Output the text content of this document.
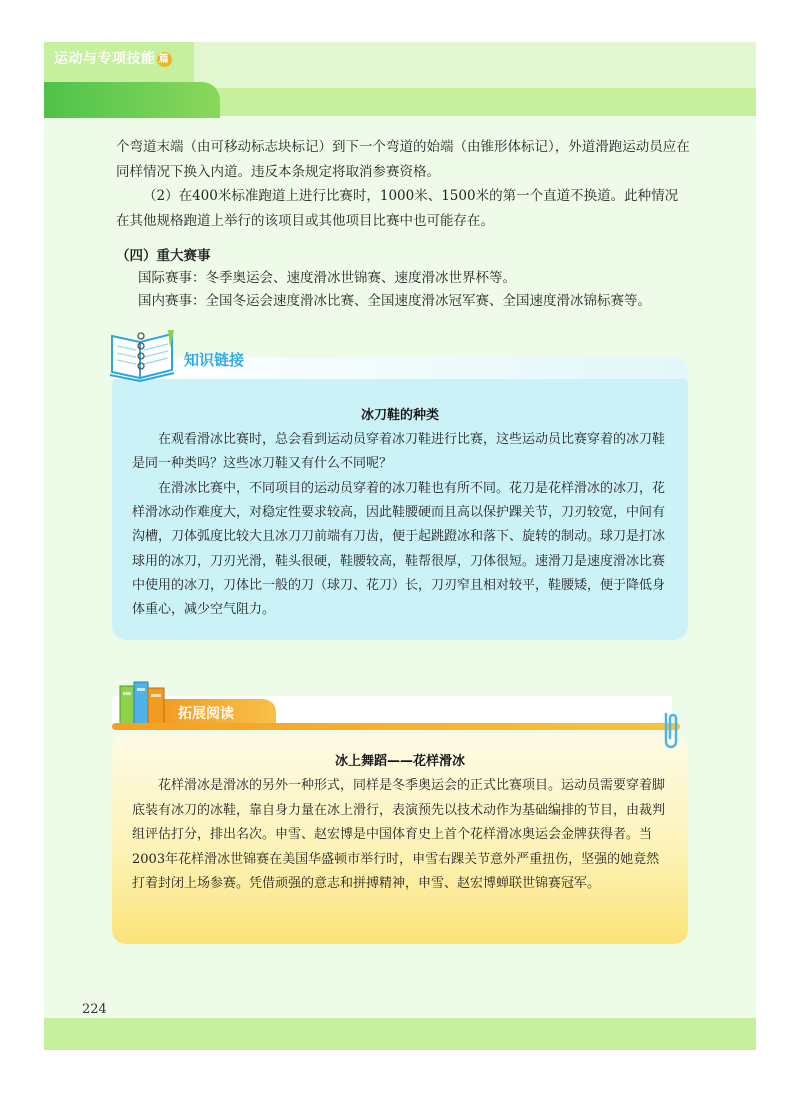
运动与专项技能 篇

个弯道末端（由可移动标志块标记）到下一个弯道的始端（由锥形体标记），外道滑跑运动员应在同样情况下换入内道。违反本条规定将取消参赛资格。

（2）在400米标准跑道上进行比赛时，1000米、1500米的第一个直道不换道。此种情况在其他规格跑道上举行的该项目或其他项目比赛中也可能存在。

（四）重大赛事
国际赛事：冬季奥运会、速度滑冰世锦赛、速度滑冰世界杯等。
国内赛事：全国冬运会速度滑冰比赛、全国速度滑冰冠军赛、全国速度滑冰锦标赛等。
知识链接
冰刀鞋的种类

在观看滑冰比赛时，总会看到运动员穿着冰刀鞋进行比赛，这些运动员比赛穿着的冰刀鞋是同一种类吗？这些冰刀鞋又有什么不同呢？

在滑冰比赛中，不同项目的运动员穿着的冰刀鞋也有所不同。花刀是花样滑冰的冰刀，花样滑冰动作难度大，对稳定性要求较高，因此鞋腰硬而且高以保护踝关节，刀刃较宽，中间有沟槽，刀体弧度比较大且冰刀刀前端有刀齿，便于起跳蹬冰和落下、旋转的制动。球刀是打冰球用的冰刀，刀刃光滑，鞋头很硬，鞋腰较高，鞋帮很厚，刀体很短。速滑刀是速度滑冰比赛中使用的冰刀，刀体比一般的刀（球刀、花刀）长，刀刃窄且相对较平，鞋腰矮，便于降低身体重心，减少空气阻力。

拓展阅读
冰上舞蹈——花样滑冰

花样滑冰是滑冰的另外一种形式，同样是冬季奥运会的正式比赛项目。运动员需要穿着脚底装有冰刀的冰鞋，靠自身力量在冰上滑行，表演预先以技术动作为基础编排的节目，由裁判组评估打分，排出名次。申雪、赵宏博是中国体育史上首个花样滑冰奥运会金牌获得者。当2003年花样滑冰世锦赛在美国华盛顿市举行时，申雪右踝关节意外严重扭伤，坚强的她竟然打着封闭上场参赛。凭借顽强的意志和拼搏精神，申雪、赵宏博蝉联世锦赛冠军。

224
